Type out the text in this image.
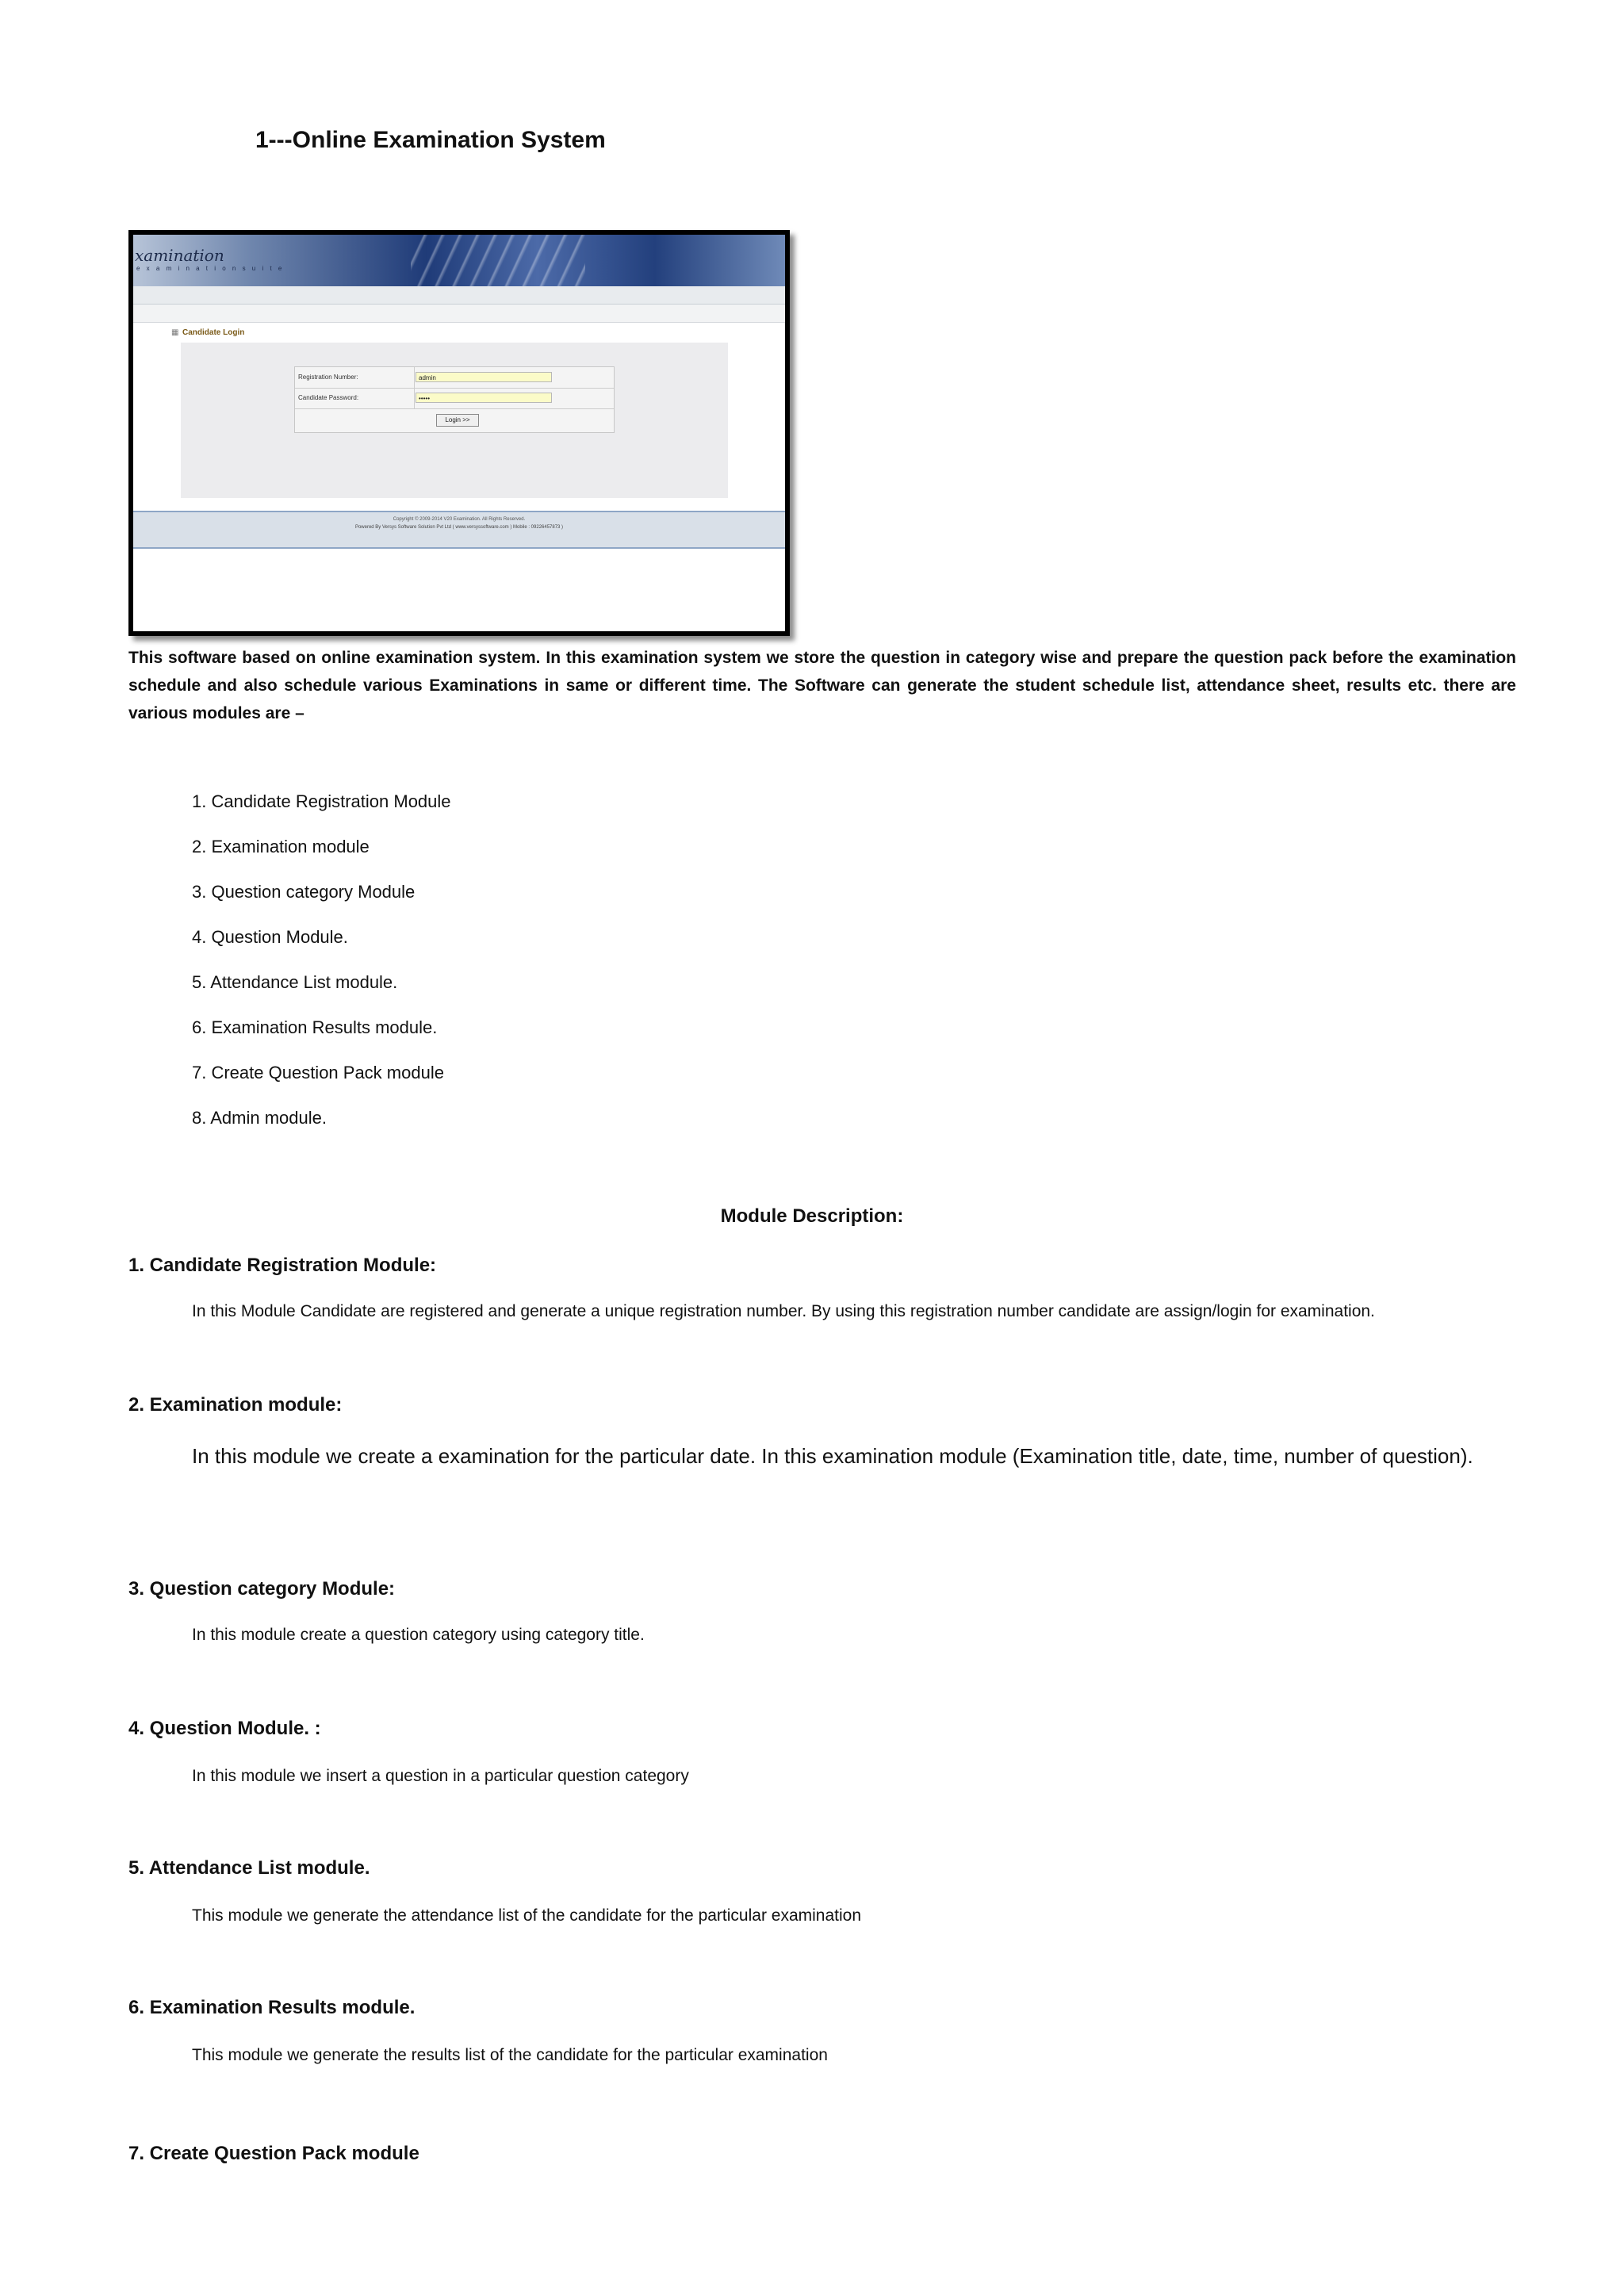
1---Online Examination System
xamination
e x a m i n a t i o n s u i t e
▦ Candidate Login
Registration Number:	admin
Candidate Password:	•••••
Login >>
Copyright © 2009-2014 V20 Examination. All Rights Reserved.
Powered By Versys Software Solution Pvt Ltd ( www.versyssoftware.com ) Mobile : 09226457873 )
This software based on online examination system. In this examination system we store the question in category wise and prepare the question pack before the examination schedule and also schedule various Examinations in same or different time. The Software can generate the student schedule list, attendance sheet, results etc. there are various modules are –
1. Candidate Registration Module
2. Examination module
3. Question category Module
4. Question Module.
5. Attendance List module.
6. Examination Results module.
7. Create Question Pack module
8. Admin module.
Module Description:
1. Candidate Registration Module:
In this Module Candidate are registered and generate a unique registration number. By using this registration number candidate are assign/login for examination.
2. Examination module:
In this module we create a examination for the particular date. In this examination module (Examination title, date, time, number of question).
3. Question category Module:
In this module create a question category using category title.
4. Question Module. :
In this module we insert a question in a particular question category
5. Attendance List module.
This module we generate the attendance list of the candidate for the particular examination
6. Examination Results module.
This module we generate the results list of the candidate for the particular examination
7. Create Question Pack module
